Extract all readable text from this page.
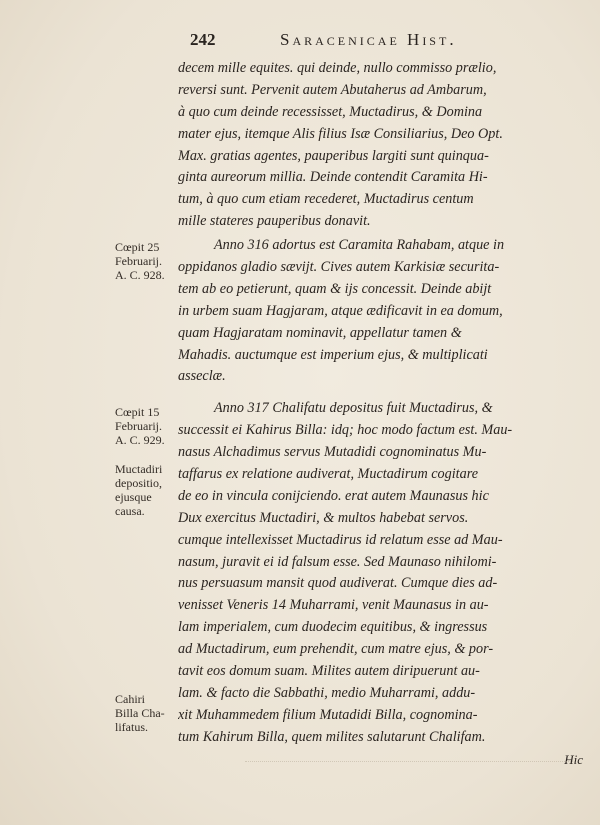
242	Saracenicae Hist.
decem mille equites. qui deinde, nullo commisso prælio,
reversi sunt. Pervenit autem Abutaherus ad Ambarum,
à quo cum deinde recessisset, Muctadirus, & Domina
mater ejus, itemque Alis filius Isæ Consiliarius, Deo Opt.
Max. gratias agentes, pauperibus largiti sunt quinqua-
ginta aureorum millia. Deinde contendit Caramita Hi-
tum, à quo cum etiam recederet, Muctadirus centum
mille stateres pauperibus donavit.
Anno 316 adortus est Caramita Rahabam, atque in
oppidanos gladio sævijt. Cives autem Karkisiæ securita-
tem ab eo petierunt, quam & ijs concessit. Deinde abijt
in urbem suam Hagjaram, atque ædificavit in ea domum,
quam Hagjaratam nominavit, appellatur tamen &
Mahadis. auctumque est imperium ejus, & multiplicati
asseclæ.
Anno 317 Chalifatu depositus fuit Muctadirus, &
successit ei Kahirus Billa: idq; hoc modo factum est. Mau-
nasus Alchadimus servus Mutadidi cognominatus Mu-
taffarus ex relatione audiverat, Muctadirum cogitare
de eo in vincula conijciendo. erat autem Maunasus hic
Dux exercitus Muctadiri, & multos habebat servos.
cumque intellexisset Muctadirus id relatum esse ad Mau-
nasum, juravit ei id falsum esse. Sed Maunaso nihilomi-
nus persuasum mansit quod audiverat. Cumque dies ad-
venisset Veneris 14 Muharrami, venit Maunasus in au-
lam imperialem, cum duodecim equitibus, & ingressus
ad Muctadirum, eum prehendit, cum matre ejus, & por-
tavit eos domum suam. Milites autem diripuerunt au-
lam. & facto die Sabbathi, medio Muharrami, addu-
xit Muhammedem filium Mutadidi Billa, cognomina-
tum Kahirum Billa, quem milites salutarunt Chalifam.
Hic
Cœpit 25
Februarij.
A. C. 928.
Cœpit 15
Februarij.
A. C. 929.
Muctadiri
depositio,
ejusque
causa.
Cahiri
Billa Cha-
lifatus.
